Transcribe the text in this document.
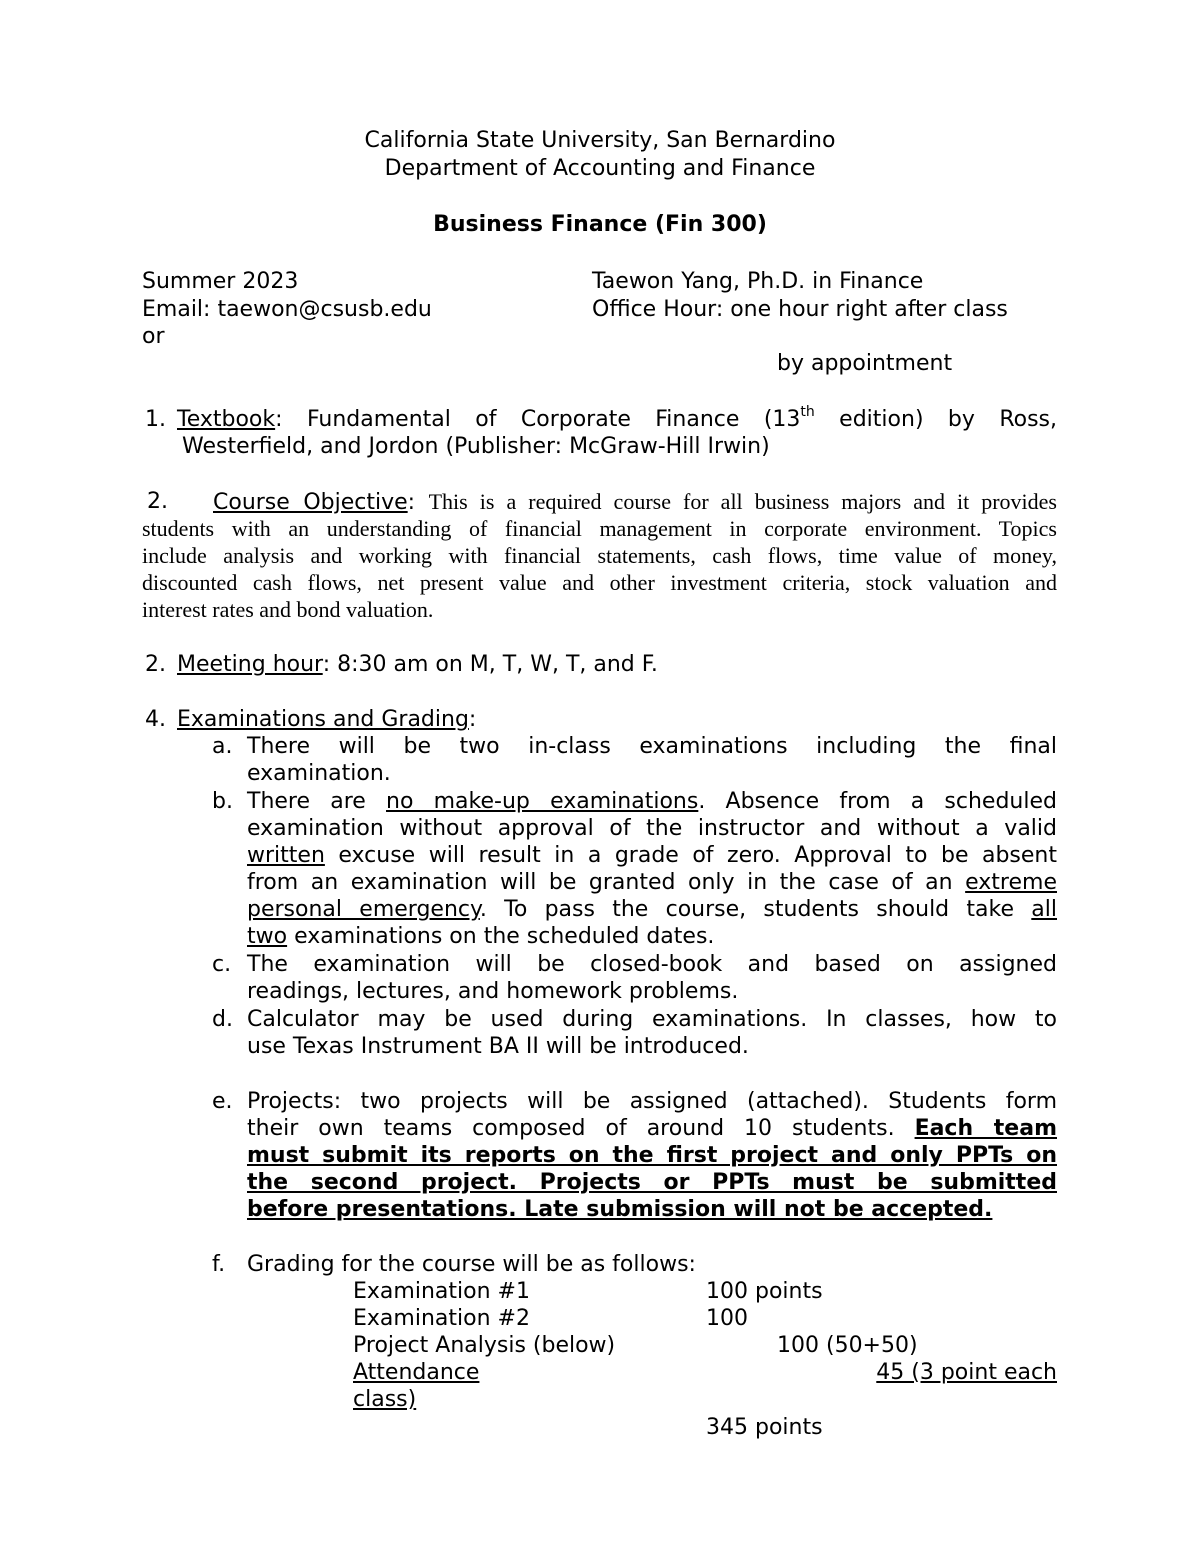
California State University, San Bernardino
Department of Accounting and Finance
Business Finance (Fin 300)
Summer 2023
Email: taewon@csusb.edu
or
Taewon Yang, Ph.D. in Finance
Office Hour: one hour right after class
by appointment
1. Textbook: Fundamental of Corporate Finance (13th edition) by Ross,
Westerfield, and Jordon (Publisher: McGraw-Hill Irwin)
2.	Course Objective: This is a required course for all business majors and it provides
students with an understanding of financial management in corporate environment. Topics
include analysis and working with financial statements, cash flows, time value of money,
discounted cash flows, net present value and other investment criteria, stock valuation and
interest rates and bond valuation.
2. Meeting hour: 8:30 am on M, T, W, T, and F.
4. Examinations and Grading:
a. There will be two in-class examinations including the final
examination.
b. There are no make-up examinations. Absence from a scheduled
examination without approval of the instructor and without a valid
written excuse will result in a grade of zero. Approval to be absent
from an examination will be granted only in the case of an extreme
personal emergency. To pass the course, students should take all
two examinations on the scheduled dates.
c. The examination will be closed-book and based on assigned
readings, lectures, and homework problems.
d. Calculator may be used during examinations. In classes, how to
use Texas Instrument BA II will be introduced.
e. Projects: two projects will be assigned (attached). Students form
their own teams composed of around 10 students. Each team
must submit its reports on the first project and only PPTs on
the second project. Projects or PPTs must be submitted
before presentations. Late submission will not be accepted.
f. Grading for the course will be as follows:
Examination #1	100 points
Examination #2	100
Project Analysis (below)	100 (50+50)
Attendance	45 (3 point each
class)
345 points
